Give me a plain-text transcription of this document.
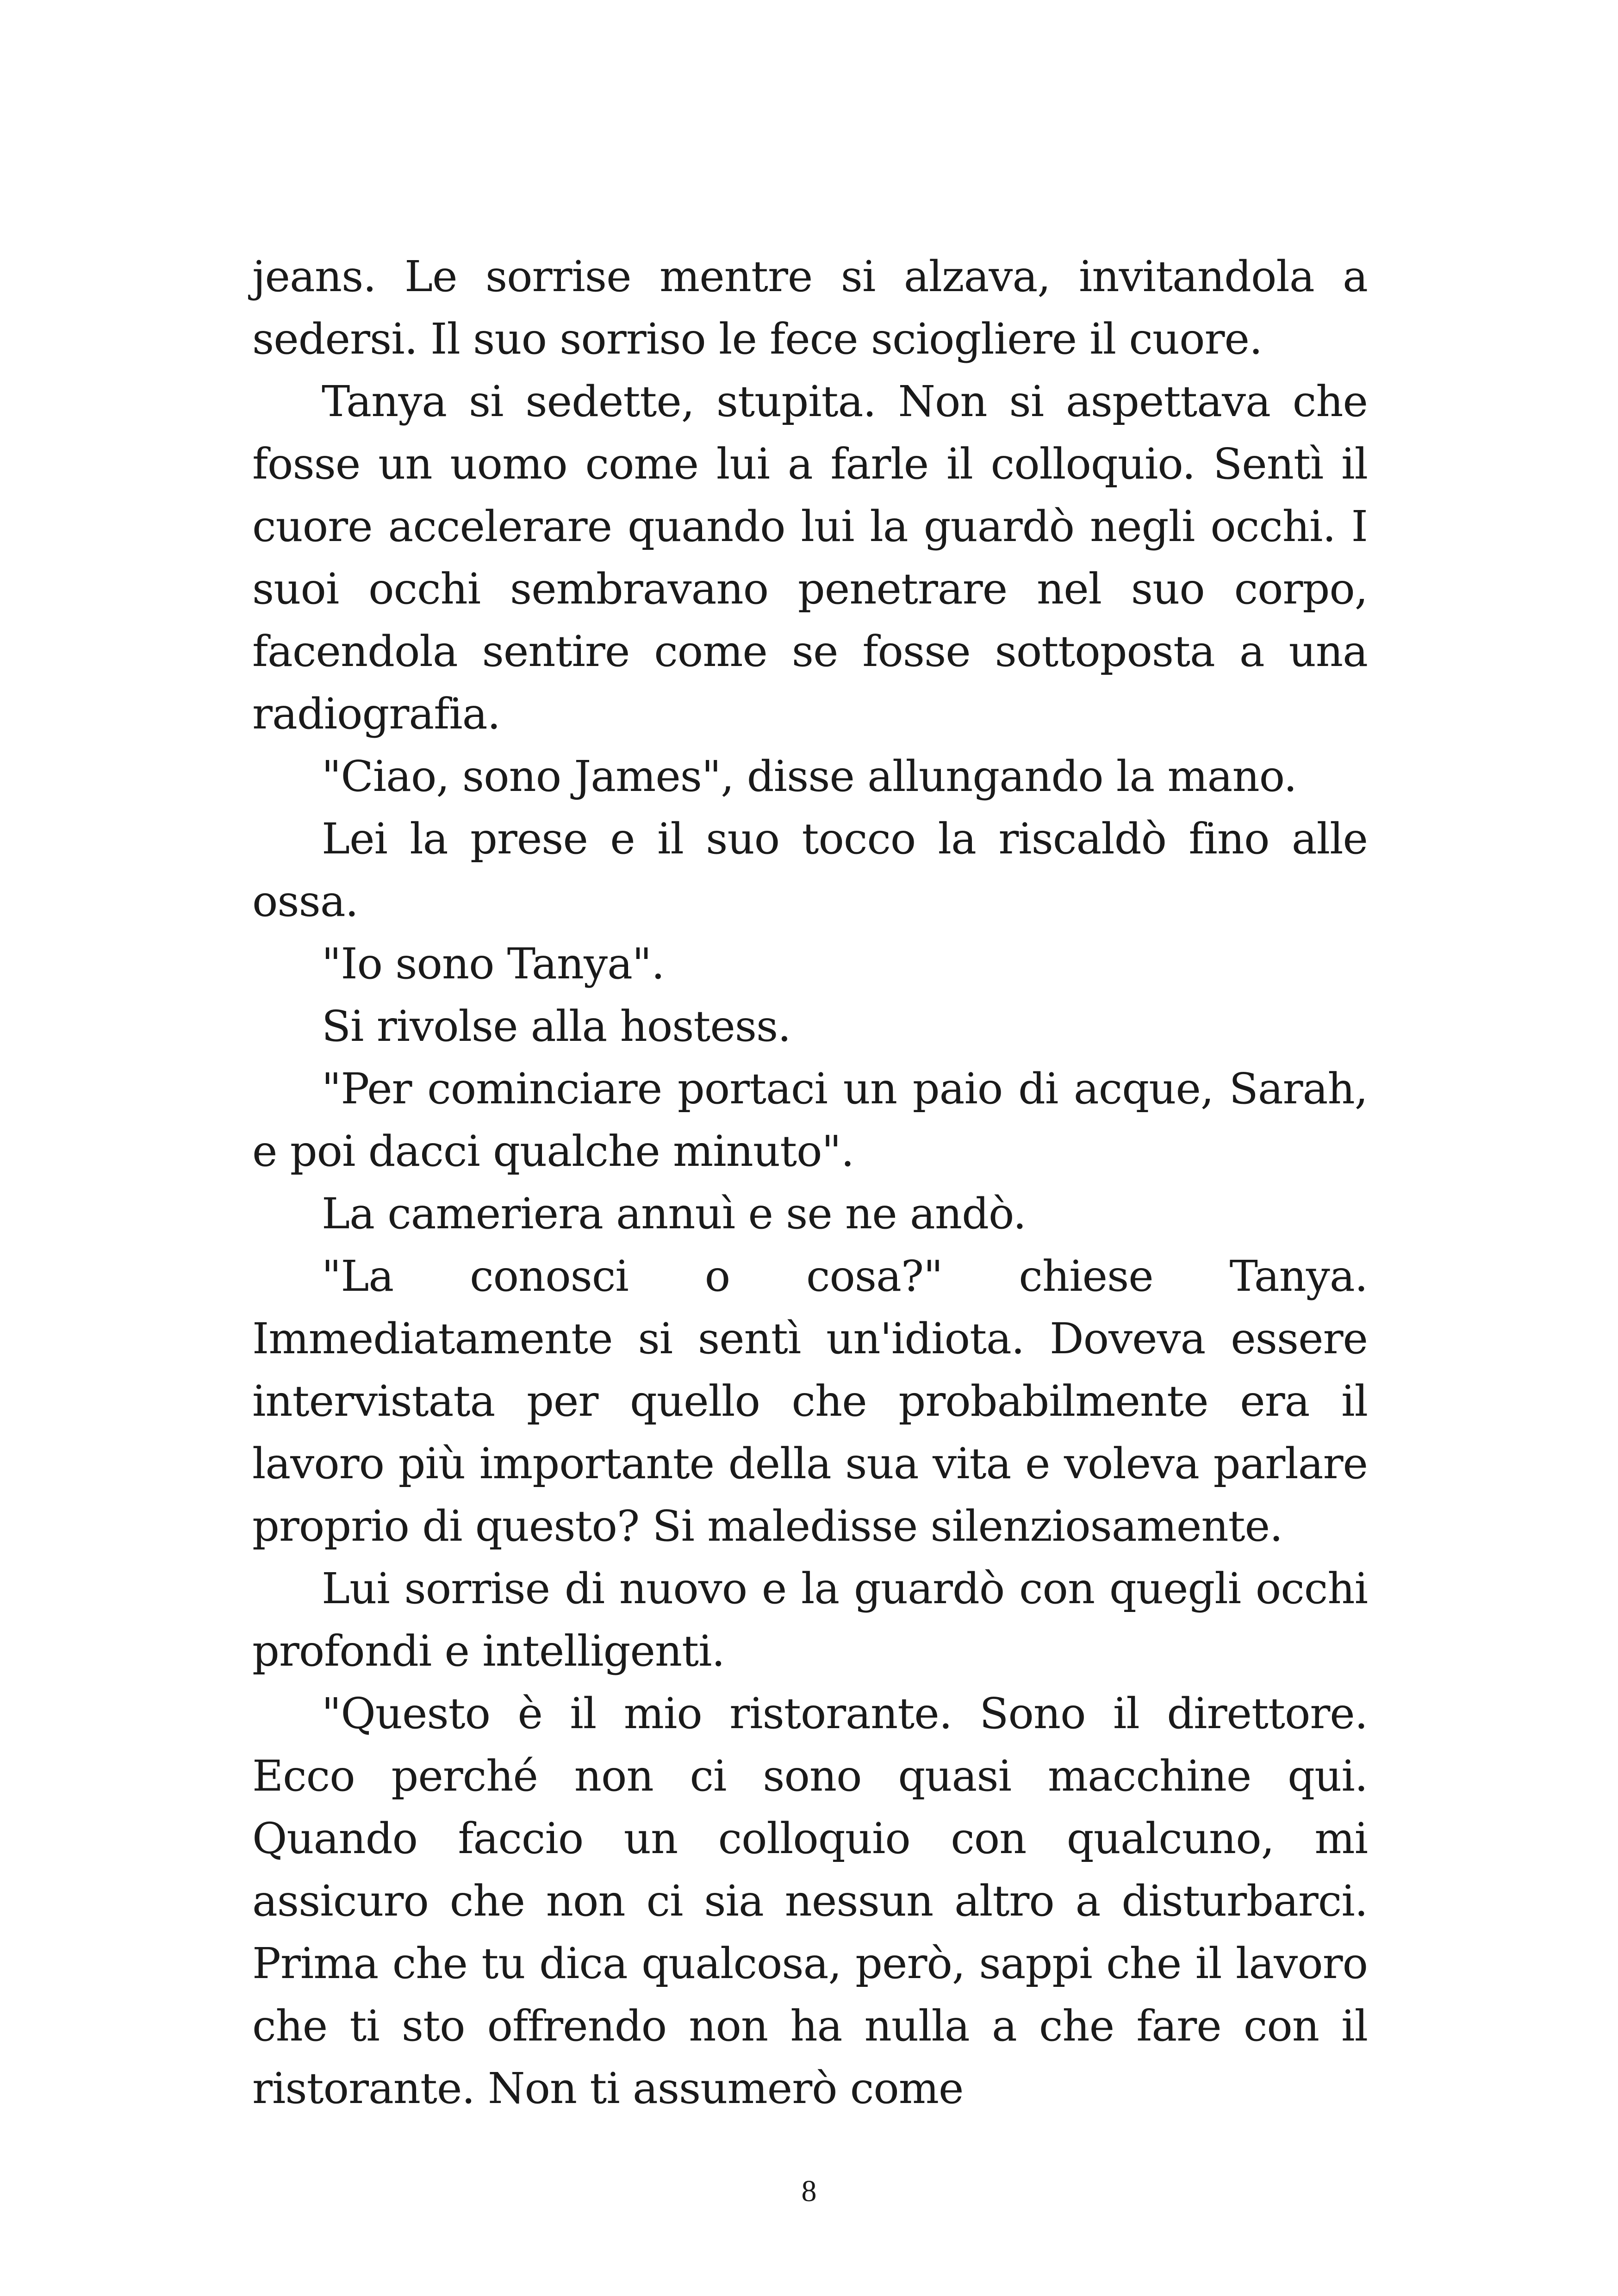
jeans. Le sorrise mentre si alzava, invitandola a sedersi. Il suo sorriso le fece sciogliere il cuore.

Tanya si sedette, stupita. Non si aspettava che fosse un uomo come lui a farle il colloquio. Sentì il cuore accelerare quando lui la guardò negli occhi. I suoi occhi sembravano penetrare nel suo corpo, facendola sentire come se fosse sottoposta a una radiografia.

"Ciao, sono James", disse allungando la mano.

Lei la prese e il suo tocco la riscaldò fino alle ossa.

"Io sono Tanya".

Si rivolse alla hostess.

"Per cominciare portaci un paio di acque, Sarah, e poi dacci qualche minuto".

La cameriera annuì e se ne andò.

"La conosci o cosa?" chiese Tanya. Immediatamente si sentì un'idiota. Doveva essere intervistata per quello che probabilmente era il lavoro più importante della sua vita e voleva parlare proprio di questo? Si maledisse silenziosamente.

Lui sorrise di nuovo e la guardò con quegli occhi profondi e intelligenti.

"Questo è il mio ristorante. Sono il direttore. Ecco perché non ci sono quasi macchine qui. Quando faccio un colloquio con qualcuno, mi assicuro che non ci sia nessun altro a disturbarci. Prima che tu dica qualcosa, però, sappi che il lavoro che ti sto offrendo non ha nulla a che fare con il ristorante. Non ti assumerò come

8
